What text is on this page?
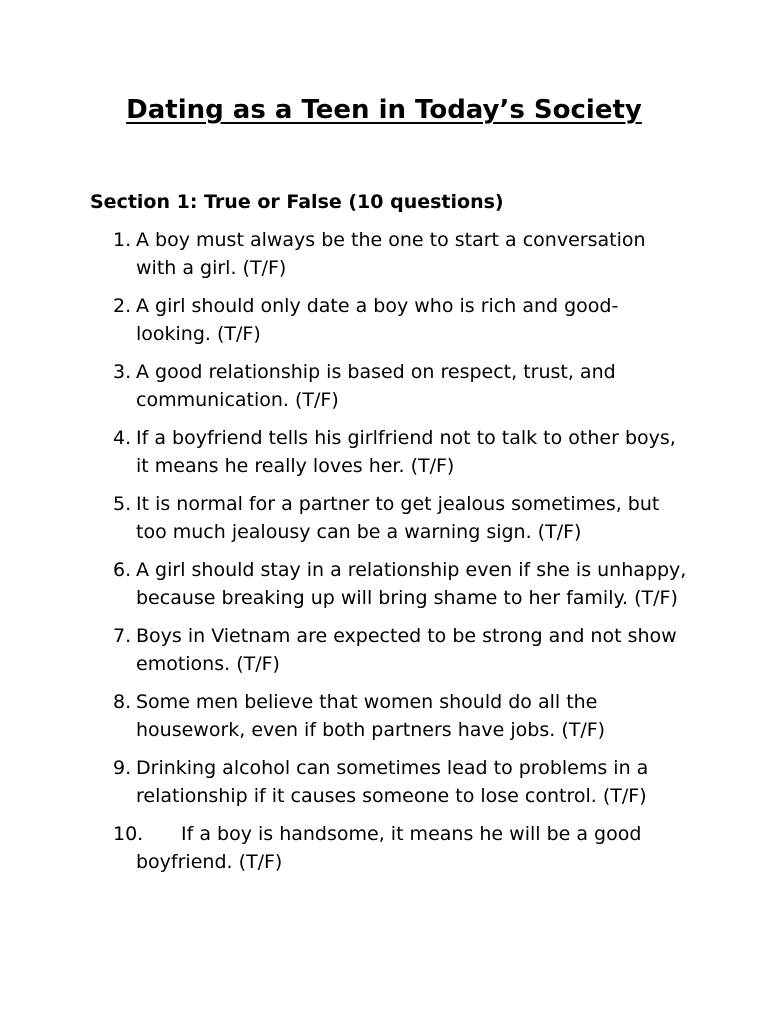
Dating as a Teen in Today’s Society
Section 1: True or False (10 questions)
1. A boy must always be the one to start a conversation with a girl. (T/F)
2. A girl should only date a boy who is rich and good-looking. (T/F)
3. A good relationship is based on respect, trust, and communication. (T/F)
4. If a boyfriend tells his girlfriend not to talk to other boys, it means he really loves her. (T/F)
5. It is normal for a partner to get jealous sometimes, but too much jealousy can be a warning sign. (T/F)
6. A girl should stay in a relationship even if she is unhappy, because breaking up will bring shame to her family. (T/F)
7. Boys in Vietnam are expected to be strong and not show emotions. (T/F)
8. Some men believe that women should do all the housework, even if both partners have jobs. (T/F)
9. Drinking alcohol can sometimes lead to problems in a relationship if it causes someone to lose control. (T/F)
10. If a boy is handsome, it means he will be a good boyfriend. (T/F)
